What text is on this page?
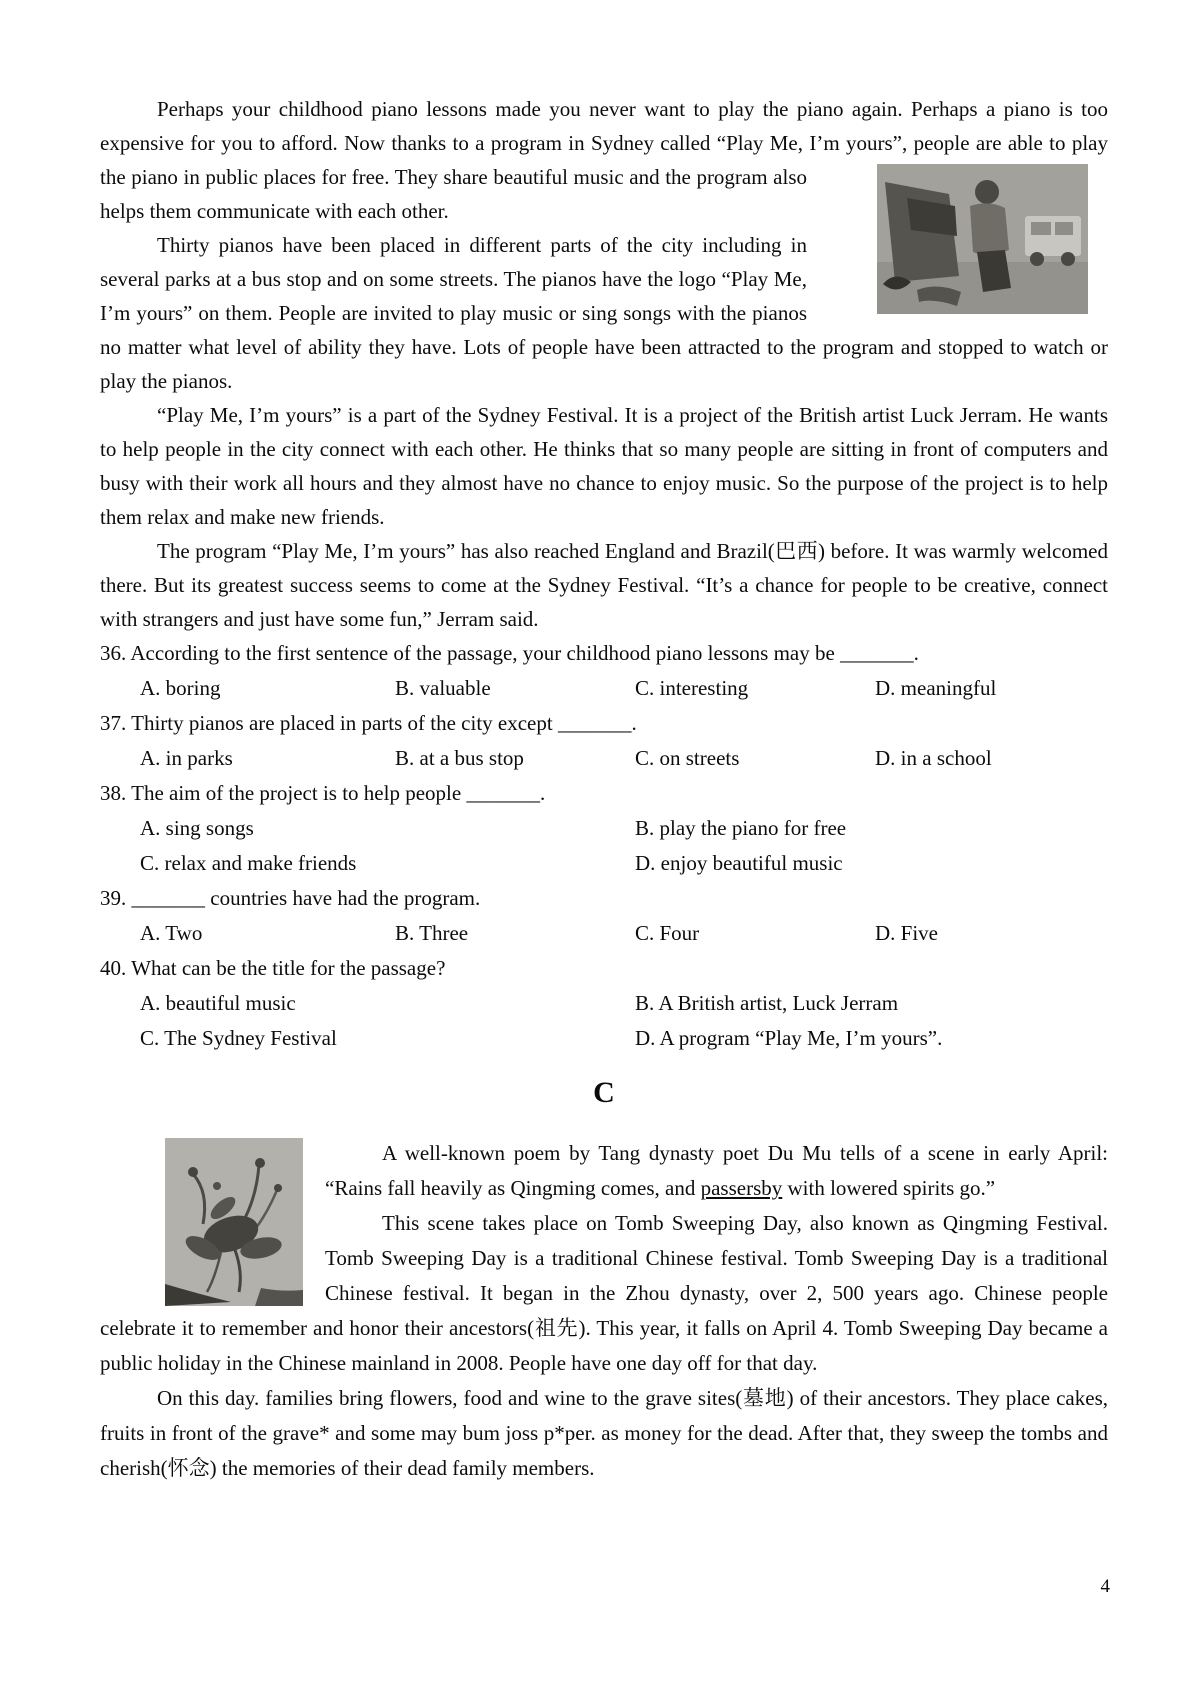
Perhaps your childhood piano lessons made you never want to play the piano again. Perhaps a piano is too expensive for you to afford. Now thanks to a program in Sydney called “Play Me, I’m yours”, people are able to play the piano in public places for free. They share beautiful music and the program also helps them communicate with each other.

Thirty pianos have been placed in different parts of the city including in several parks at a bus stop and on some streets. The pianos have the logo “Play Me, I’m yours” on them. People are invited to play music or sing songs with the pianos no matter what level of ability they have. Lots of people have been attracted to the program and stopped to watch or play the pianos.

“Play Me, I’m yours” is a part of the Sydney Festival. It is a project of the British artist Luck Jerram. He wants to help people in the city connect with each other. He thinks that so many people are sitting in front of computers and busy with their work all hours and they almost have no chance to enjoy music. So the purpose of the project is to help them relax and make new friends.

The program “Play Me, I’m yours” has also reached England and Brazil(巴西) before. It was warmly welcomed there. But its greatest success seems to come at the Sydney Festival. “It’s a chance for people to be creative, connect with strangers and just have some fun,” Jerram said.

36. According to the first sentence of the passage, your childhood piano lessons may be _______.

A. boring	B. valuable	C. interesting	D. meaningful

37. Thirty pianos are placed in parts of the city except _______.

A. in parks	B. at a bus stop	C. on streets	D. in a school

38. The aim of the project is to help people _______.

A. sing songs	B. play the piano for free
C. relax and make friends	D. enjoy beautiful music

39. _______ countries have had the program.

A. Two	B. Three	C. Four	D. Five

40. What can be the title for the passage?

A. beautiful music	B. A British artist, Luck Jerram
C. The Sydney Festival	D. A program “Play Me, I’m yours”.
C

A well-known poem by Tang dynasty poet Du Mu tells of a scene in early April: “Rains fall heavily as Qingming comes, and passersby with lowered spirits go.”

This scene takes place on Tomb Sweeping Day, also known as Qingming Festival. Tomb Sweeping Day is a traditional Chinese festival. Tomb Sweeping Day is a traditional Chinese festival. It began in the Zhou dynasty, over 2, 500 years ago. Chinese people celebrate it to remember and honor their ancestors(祖先). This year, it falls on April 4. Tomb Sweeping Day became a public holiday in the Chinese mainland in 2008. People have one day off for that day.

On this day. families bring flowers, food and wine to the grave sites(墓地) of their ancestors. They place cakes, fruits in front of the grave* and some may bum joss p*per. as money for the dead. After that, they sweep the tombs and cherish(怀念) the memories of their dead family members.

4
